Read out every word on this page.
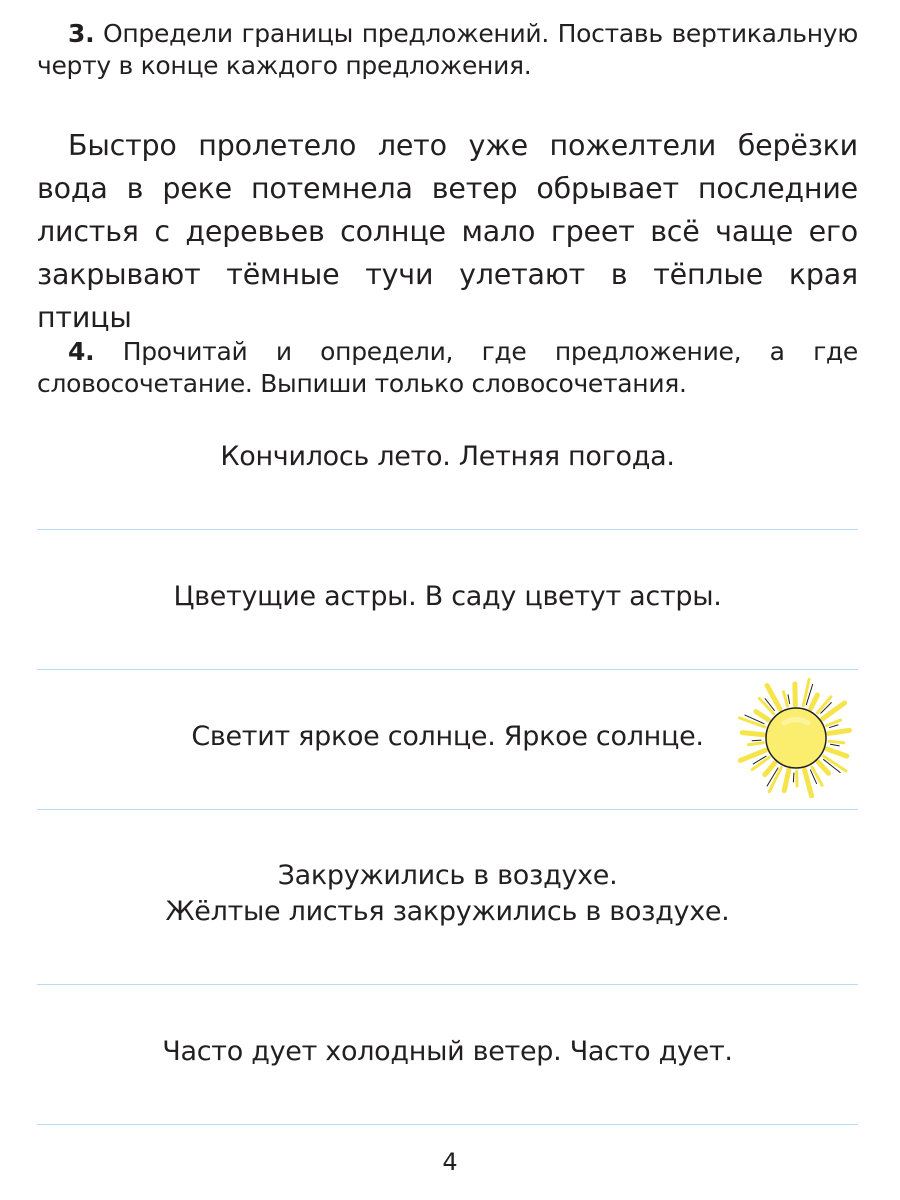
3. Определи границы предложений. Поставь вертикальную черту в конце каждого предложения.

Быстро пролетело лето уже пожелтели берёзки вода в реке потемнела ветер обрывает последние листья с деревьев солнце мало греет всё чаще его закрывают тёмные тучи улетают в тёплые края птицы

4. Прочитай и определи, где предложение, а где словосочетание. Выпиши только словосочетания.

Кончилось лето. Летняя погода.

Цветущие астры. В саду цветут астры.

Светит яркое солнце. Яркое солнце.

Закружились в воздухе.

Жёлтые листья закружились в воздухе.

Часто дует холодный ветер. Часто дует.

4
